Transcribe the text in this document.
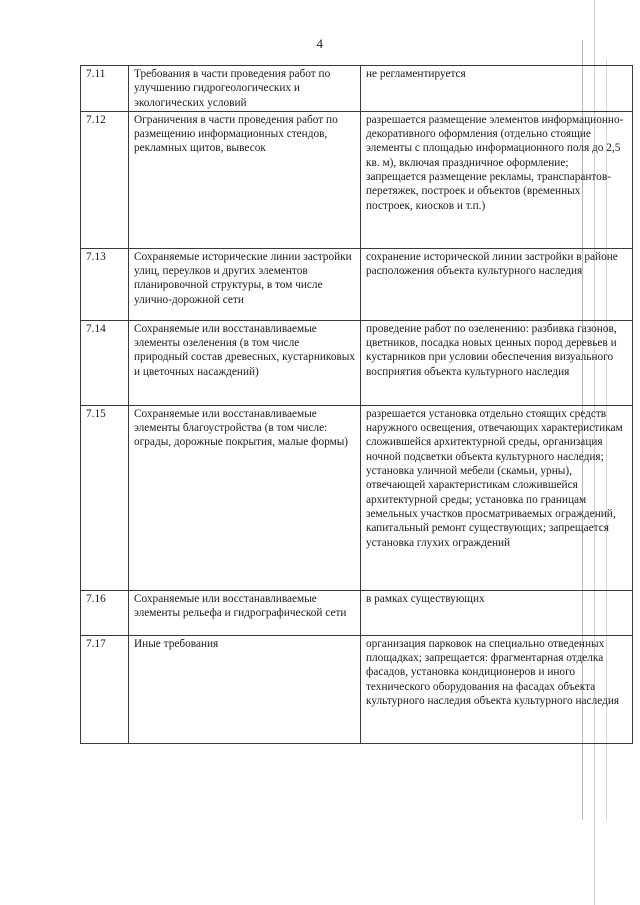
4
7.11	Требования в части проведения работ по улучшению гидрогеологических и экологических условий	не регламентируется
7.12	Ограничения в части проведения работ по размещению информационных стендов, рекламных щитов, вывесок	разрешается размещение элементов информационно-декоративного оформления (отдельно стоящие элементы с площадью информационного поля до 2,5 кв. м), включая праздничное оформление; запрещается размещение рекламы, транспарантов-перетяжек, построек и объектов (временных построек, киосков и т.п.)
7.13	Сохраняемые исторические линии застройки улиц, переулков и других элементов планировочной структуры, в том числе улично-дорожной сети	сохранение исторической линии застройки в районе расположения объекта культурного наследия
7.14	Сохраняемые или восстанавливаемые элементы озеленения (в том числе природный состав древесных, кустарниковых и цветочных насаждений)	проведение работ по озеленению: разбивка газонов, цветников, посадка новых ценных пород деревьев и кустарников при условии обеспечения визуального восприятия объекта культурного наследия
7.15	Сохраняемые или восстанавливаемые элементы благоустройства (в том числе: ограды, дорожные покрытия, малые формы)	разрешается установка отдельно стоящих средств наружного освещения, отвечающих характеристикам сложившейся архитектурной среды, организация ночной подсветки объекта культурного наследия; установка уличной мебели (скамьи, урны), отвечающей характеристикам сложившейся архитектурной среды; установка по границам земельных участков просматриваемых ограждений, капитальный ремонт существующих; запрещается установка глухих ограждений
7.16	Сохраняемые или восстанавливаемые элементы рельефа и гидрографической сети	в рамках существующих
7.17	Иные требования	организация парковок на специально отведенных площадках; запрещается: фрагментарная отделка фасадов, установка кондиционеров и иного технического оборудования на фасадах объекта культурного наследия объекта культурного наследия
